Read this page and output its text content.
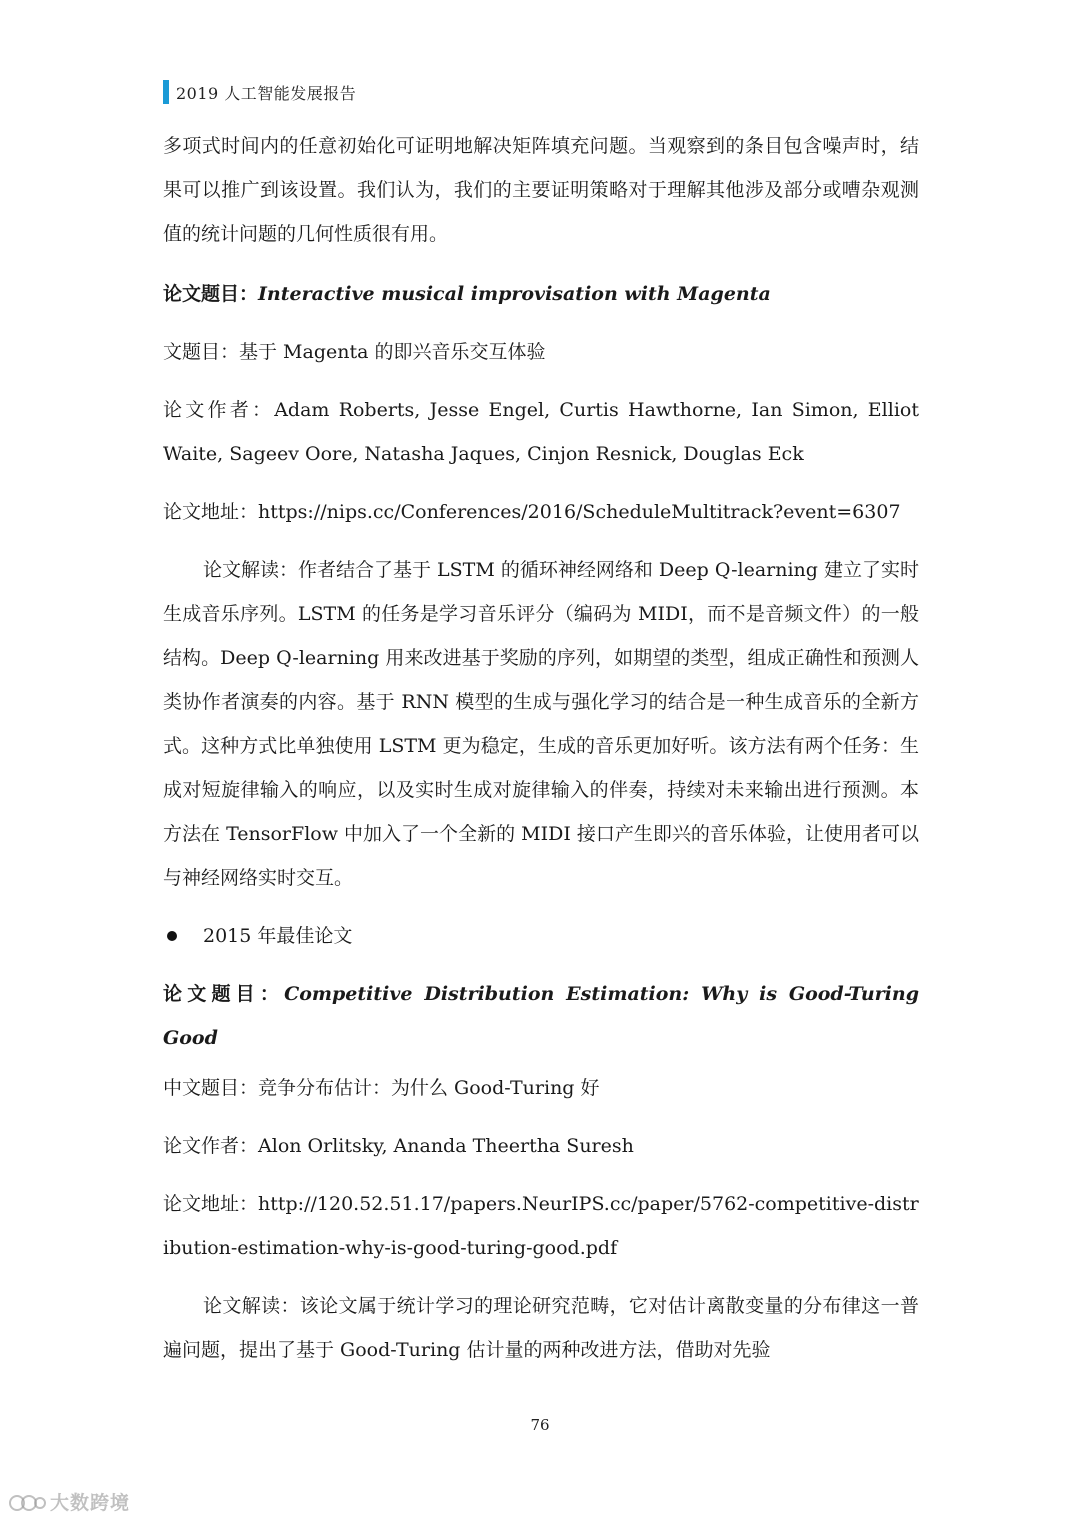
2019 人工智能发展报告

多项式时间内的任意初始化可证明地解决矩阵填充问题。当观察到的条目包含噪声时，结果可以推广到该设置。我们认为，我们的主要证明策略对于理解其他涉及部分或嘈杂观测值的统计问题的几何性质很有用。

论文题目：Interactive musical improvisation with Magenta

文题目：基于 Magenta 的即兴音乐交互体验

论文作者：Adam Roberts, Jesse Engel, Curtis Hawthorne, Ian Simon, Elliot Waite, Sageev Oore, Natasha Jaques, Cinjon Resnick, Douglas Eck

论文地址：https://nips.cc/Conferences/2016/ScheduleMultitrack?event=6307

论文解读：作者结合了基于 LSTM 的循环神经网络和 Deep Q-learning 建立了实时生成音乐序列。LSTM 的任务是学习音乐评分（编码为 MIDI，而不是音频文件）的一般结构。Deep Q-learning 用来改进基于奖励的序列，如期望的类型，组成正确性和预测人类协作者演奏的内容。基于 RNN 模型的生成与强化学习的结合是一种生成音乐的全新方式。这种方式比单独使用 LSTM 更为稳定，生成的音乐更加好听。该方法有两个任务：生成对短旋律输入的响应，以及实时生成对旋律输入的伴奏，持续对未来输出进行预测。本方法在 TensorFlow 中加入了一个全新的 MIDI 接口产生即兴的音乐体验，让使用者可以与神经网络实时交互。

2015 年最佳论文

论文题目：Competitive Distribution Estimation: Why is Good-Turing Good

中文题目：竞争分布估计：为什么 Good-Turing 好

论文作者：Alon Orlitsky, Ananda Theertha Suresh

论文地址：http://120.52.51.17/papers.NeurIPS.cc/paper/5762-competitive-distribution-estimation-why-is-good-turing-good.pdf

论文解读：该论文属于统计学习的理论研究范畴，它对估计离散变量的分布律这一普遍问题，提出了基于 Good-Turing 估计量的两种改进方法，借助对先验

76
大数跨境
